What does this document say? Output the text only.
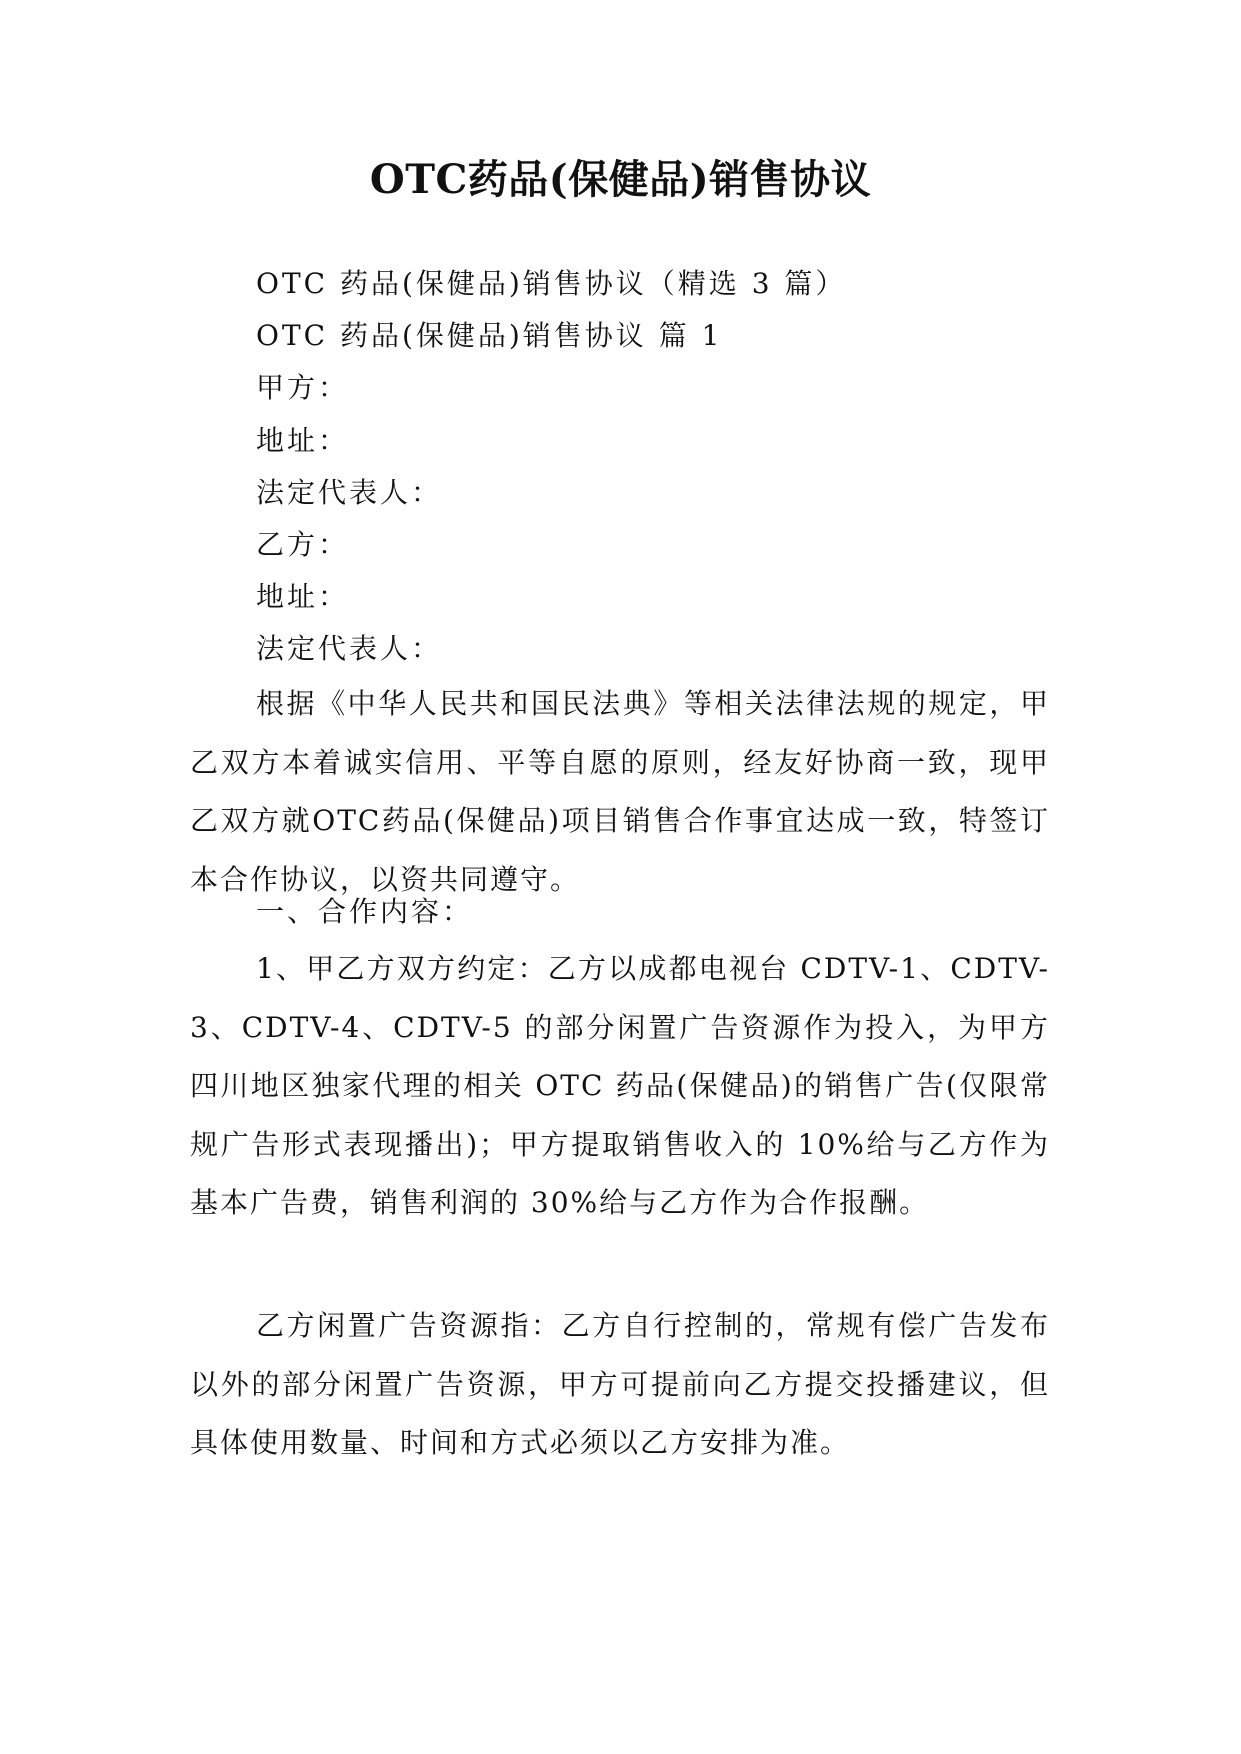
OTC药品(保健品)销售协议
OTC 药品(保健品)销售协议（精选 3 篇）
OTC 药品(保健品)销售协议 篇 1
甲方：
地址：
法定代表人：
乙方：
地址：
法定代表人：
根据《中华人民共和国民法典》等相关法律法规的规定，甲乙双方本着诚实信用、平等自愿的原则，经友好协商一致，现甲乙双方就OTC药品(保健品)项目销售合作事宜达成一致，特签订本合作协议，以资共同遵守。
一、合作内容：
1、甲乙方双方约定：乙方以成都电视台 CDTV-1、CDTV-3、CDTV-4、CDTV-5 的部分闲置广告资源作为投入，为甲方四川地区独家代理的相关 OTC 药品(保健品)的销售广告(仅限常规广告形式表现播出)；甲方提取销售收入的 10%给与乙方作为基本广告费，销售利润的 30%给与乙方作为合作报酬。
乙方闲置广告资源指：乙方自行控制的，常规有偿广告发布以外的部分闲置广告资源，甲方可提前向乙方提交投播建议，但具体使用数量、时间和方式必须以乙方安排为准。
